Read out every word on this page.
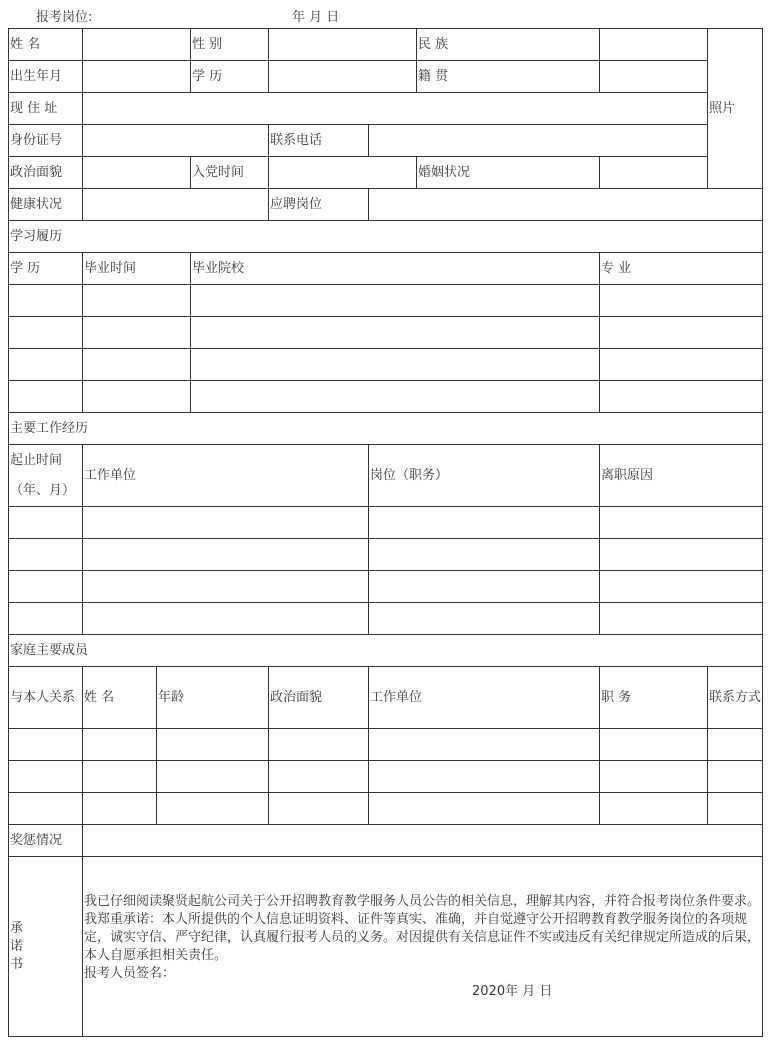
报考岗位:	年 月 日
姓 名			性 别			民 族		照片
出生年月			学 历			籍 贯		
现 住 址								
身份证号				联系电话				
政治面貌			入党时间			婚姻状况		
健康状况				应聘岗位				
学习履历								
学 历	毕业时间		毕业院校				专 业	

主要工作经历								
起止时间（年、月）	工作单位				岗位（职务）		离职原因	

家庭主要成员								
与本人关系	姓 名	年龄		政治面貌	工作单位		职 务	联系方式

奖惩情况								

承
诺
书	我已仔细阅读聚贤起航公司关于公开招聘教育教学服务人员公告的相关信息，理解其内容，并符合报考岗位条件要求。我郑重承诺：本人所提供的个人信息证明资料、证件等真实、准确，并自觉遵守公开招聘教育教学服务岗位的各项规定，诚实守信、严守纪律，认真履行报考人员的义务。对因提供有关信息证件不实或违反有关纪律规定所造成的后果，本人自愿承担相关责任。
报考人员签名：
2020年 月 日							
